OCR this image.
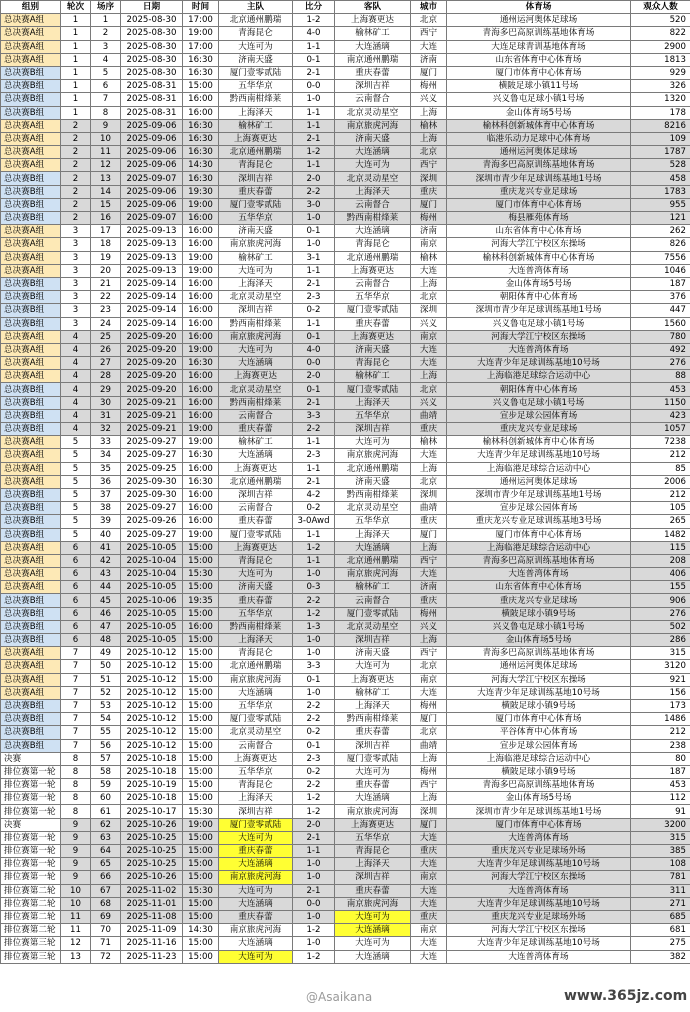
组别	轮次	场序	日期	时间	主队	比分	客队	城市	体育场	观众人数
总决赛A组	1	1	2025-08-30	17:00	北京通州鹏瑞	1-2	上海赛更达	北京	通州运河奥体足球场	520
总决赛A组	1	2	2025-08-30	19:00	青海昆仑	4-0	榆林矿工	西宁	青海多巴高原训练基地体育场	822
总决赛A组	1	3	2025-08-30	17:00	大连可为	1-1	大连涵璃	大连	大连足球青训基地体育场	2900
总决赛A组	1	4	2025-08-30	16:30	济南天盛	0-1	南京通州鹏瑞	济南	山东省体育中心体育场	1813
总决赛B组	1	5	2025-08-30	16:30	厦门壹零贰陆	2-1	重庆春蕾	厦门	厦门市体育中心体育场	929
总决赛B组	1	6	2025-08-31	15:00	五华华京	0-0	深圳吉祥	梅州	横陂足球小镇11号场	326
总决赛B组	1	7	2025-08-31	16:00	黔西南柑烽莱	1-0	云南督合	兴义	兴义鲁屯足球小镇1号场	1320
总决赛B组	1	8	2025-08-31	16:00	上海泽天	1-1	北京灵动星空	上海	金山体育场5号场	178
总决赛A组	2	9	2025-09-06	16:30	榆林矿工	1-1	南京旅虎河海	榆林	榆林科创新城体育中心体育场	8216
总决赛A组	2	10	2025-09-06	16:30	上海赛更达	2-1	济南天盛	上海	临港乐动力足球中心体育场	109
总决赛A组	2	11	2025-09-06	16:30	北京通州鹏瑞	1-2	大连涵璃	北京	通州运河奥体足球场	1787
总决赛A组	2	12	2025-09-06	14:30	青海昆仑	1-1	大连可为	西宁	青海多巴高原训练基地体育场	528
总决赛B组	2	13	2025-09-07	16:30	深圳吉祥	2-0	北京灵动星空	深圳	深圳市青少年足球训练基地1号场	458
总决赛B组	2	14	2025-09-06	19:30	重庆春蕾	2-2	上海泽天	重庆	重庆龙兴专业足球场	1783
总决赛B组	2	15	2025-09-06	19:00	厦门壹零贰陆	3-0	云南督合	厦门	厦门市体育中心体育场	955
总决赛B组	2	16	2025-09-07	16:00	五华华京	1-0	黔西南柑烽莱	梅州	梅县雁苑体育场	121
总决赛A组	3	17	2025-09-13	16:00	济南天盛	0-1	大连涵璃	济南	山东省体育中心体育场	262
总决赛A组	3	18	2025-09-13	16:00	南京旅虎河海	1-0	青海昆仑	南京	河海大学江宁校区东操场	826
总决赛A组	3	19	2025-09-13	19:00	榆林矿工	3-1	北京通州鹏瑞	榆林	榆林科创新城体育中心体育场	7556
总决赛A组	3	20	2025-09-13	19:00	大连可为	1-1	上海赛更达	大连	大连普湾体育场	1046
总决赛B组	3	21	2025-09-14	16:00	上海泽天	2-1	云南督合	上海	金山体育场5号场	187
总决赛B组	3	22	2025-09-14	16:00	北京灵动星空	2-3	五华华京	北京	朝阳体育中心体育场	376
总决赛B组	3	23	2025-09-14	16:00	深圳吉祥	0-2	厦门壹零贰陆	深圳	深圳市青少年足球训练基地1号场	447
总决赛B组	3	24	2025-09-14	16:00	黔西南柑烽莱	1-1	重庆春蕾	兴义	兴义鲁屯足球小镇1号场	1560
总决赛A组	4	25	2025-09-20	16:00	南京旅虎河海	0-1	上海赛更达	南京	河海大学江宁校区东操场	780
总决赛A组	4	26	2025-09-20	19:00	大连可为	4-0	济南天盛	大连	大连普湾体育场	492
总决赛A组	4	27	2025-09-20	16:30	大连涵璃	0-0	青海昆仑	大连	大连青少年足球训练基地10号场	276
总决赛A组	4	28	2025-09-20	16:00	上海赛更达	2-0	榆林矿工	上海	上海临港足球综合运动中心	88
总决赛B组	4	29	2025-09-20	16:00	北京灵动星空	0-1	厦门壹零贰陆	北京	朝阳体育中心体育场	453
总决赛B组	4	30	2025-09-21	16:00	黔西南柑烽莱	2-1	上海泽天	兴义	兴义鲁屯足球小镇1号场	1150
总决赛B组	4	31	2025-09-21	16:00	云南督合	3-3	五华华京	曲靖	宣步足球公园体育场	423
总决赛B组	4	32	2025-09-21	19:00	重庆春蕾	2-2	深圳吉祥	重庆	重庆龙兴专业足球场	1057
总决赛A组	5	33	2025-09-27	19:00	榆林矿工	1-1	大连可为	榆林	榆林科创新城体育中心体育场	7238
总决赛A组	5	34	2025-09-27	16:30	大连涵璃	2-3	南京旅虎河海	大连	大连青少年足球训练基地10号场	212
总决赛A组	5	35	2025-09-25	16:00	上海赛更达	1-1	北京通州鹏瑞	上海	上海临港足球综合运动中心	85
总决赛A组	5	36	2025-09-30	16:30	北京通州鹏瑞	2-1	济南天盛	北京	通州运河奥体足球场	2006
总决赛B组	5	37	2025-09-30	16:00	深圳吉祥	4-2	黔西南柑烽莱	深圳	深圳市青少年足球训练基地1号场	212
总决赛B组	5	38	2025-09-27	16:00	云南督合	0-2	北京灵动星空	曲靖	宣步足球公园体育场	105
总决赛B组	5	39	2025-09-26	16:00	重庆春蕾	3-0Awd	五华华京	重庆	重庆龙兴专业足球训练基地3号场	265
总决赛B组	5	40	2025-09-27	19:00	厦门壹零贰陆	1-1	上海泽天	厦门	厦门市体育中心体育场	1482
总决赛A组	6	41	2025-10-05	15:00	上海赛更达	1-2	大连涵璃	上海	上海临港足球综合运动中心	115
总决赛A组	6	42	2025-10-04	15:00	青海昆仑	1-1	北京通州鹏瑞	西宁	青海多巴高原训练基地体育场	208
总决赛A组	6	43	2025-10-04	15:30	大连可为	1-0	南京旅虎河海	大连	大连普湾体育场	406
总决赛A组	6	44	2025-10-05	15:00	济南天盛	0-3	榆林矿工	济南	山东省体育中心体育场	155
总决赛B组	6	45	2025-10-06	19:35	重庆春蕾	2-2	云南督合	重庆	重庆龙兴专业足球场	906
总决赛B组	6	46	2025-10-05	15:00	五华华京	1-2	厦门壹零贰陆	梅州	横陂足球小镇9号场	276
总决赛B组	6	47	2025-10-05	16:00	黔西南柑烽莱	1-3	北京灵动星空	兴义	兴义鲁屯足球小镇1号场	502
总决赛B组	6	48	2025-10-05	15:00	上海泽天	1-0	深圳吉祥	上海	金山体育场5号场	286
总决赛A组	7	49	2025-10-12	15:00	青海昆仑	1-0	济南天盛	西宁	青海多巴高原训练基地体育场	315
总决赛A组	7	50	2025-10-12	15:00	北京通州鹏瑞	3-3	大连可为	北京	通州运河奥体足球场	3120
总决赛A组	7	51	2025-10-12	15:00	南京旅虎河海	0-1	上海赛更达	南京	河海大学江宁校区东操场	921
总决赛A组	7	52	2025-10-12	15:00	大连涵璃	1-0	榆林矿工	大连	大连青少年足球训练基地10号场	156
总决赛B组	7	53	2025-10-12	15:00	五华华京	2-2	上海泽天	梅州	横陂足球小镇9号场	173
总决赛B组	7	54	2025-10-12	15:00	厦门壹零贰陆	2-2	黔西南柑烽莱	厦门	厦门市体育中心体育场	1486
总决赛B组	7	55	2025-10-12	15:00	北京灵动星空	0-2	重庆春蕾	北京	平谷体育中心体育场	212
总决赛B组	7	56	2025-10-12	15:00	云南督合	0-1	深圳吉祥	曲靖	宣步足球公园体育场	238
决赛	8	57	2025-10-18	15:00	上海赛更达	2-3	厦门壹零贰陆	上海	上海临港足球综合运动中心	80
排位赛第一轮	8	58	2025-10-18	15:00	五华华京	0-2	大连可为	梅州	横陂足球小镇9号场	187
排位赛第一轮	8	59	2025-10-19	15:00	青海昆仑	2-2	重庆春蕾	西宁	青海多巴高原训练基地体育场	453
排位赛第一轮	8	60	2025-10-18	15:00	上海泽天	1-2	大连涵璃	上海	金山体育场5号场	112
排位赛第一轮	8	61	2025-10-17	15:30	深圳吉祥	1-2	南京旅虎河海	深圳	深圳市青少年足球训练基地1号场	91
决赛	9	62	2025-10-26	19:00	厦门壹零贰陆	2-0	上海赛更达	厦门	厦门市体育中心体育场	3200
排位赛第一轮	9	63	2025-10-25	15:00	大连可为	2-1	五华华京	大连	大连普湾体育场	315
排位赛第一轮	9	64	2025-10-25	15:00	重庆春蕾	1-1	青海昆仑	重庆	重庆龙兴专业足球场外场	385
排位赛第一轮	9	65	2025-10-25	15:00	大连涵璃	1-0	上海泽天	大连	大连青少年足球训练基地10号场	108
排位赛第一轮	9	66	2025-10-26	15:00	南京旅虎河海	1-0	深圳吉祥	南京	河海大学江宁校区东操场	781
排位赛第二轮	10	67	2025-11-02	15:30	大连可为	2-1	重庆春蕾	大连	大连普湾体育场	311
排位赛第二轮	10	68	2025-11-01	15:00	大连涵璃	0-0	南京旅虎河海	大连	大连青少年足球训练基地10号场	271
排位赛第二轮	11	69	2025-11-08	15:00	重庆春蕾	1-0	大连可为	重庆	重庆龙兴专业足球场外场	685
排位赛第二轮	11	70	2025-11-09	14:30	南京旅虎河海	1-2	大连涵璃	南京	河海大学江宁校区东操场	681
排位赛第三轮	12	71	2025-11-16	15:00	大连涵璃	1-0	大连可为	大连	大连青少年足球训练基地10号场	275
排位赛第三轮	13	72	2025-11-23	15:00	大连可为	1-2	大连涵璃	大连	大连普湾体育场	382
@Asaikana	www.365jz.com
